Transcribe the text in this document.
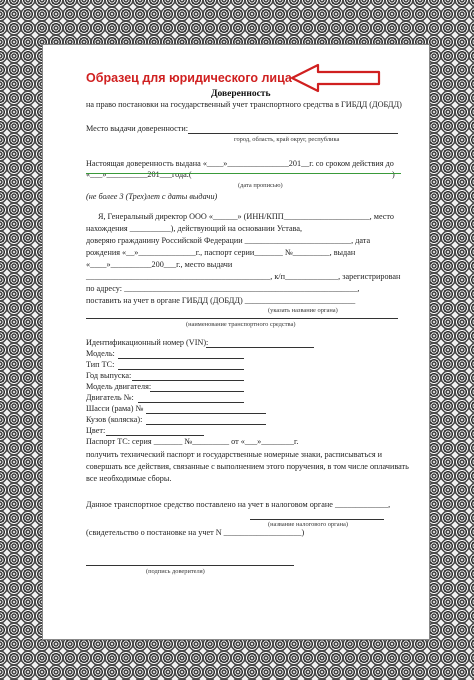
Образец для юридического лица
Доверенность
на право постановки на государственный учет транспортного средства в ГИБДД (ДОБДД)
Место выдачи доверенности:
город, область, край округ, республика
Настоящая доверенность выдана «____»_______________201__г. со сроком действия до
«___»__________201___года.(	)
(дата прописью)
(не более 3 (Трех)лет с даты выдачи)
Я, Генеральный директор ООО «______» (ИНН/КПП_____________________, место
нахождения __________), действующий на основании Устава,
доверяю гражданину Российской Федерации __________________________, дата
рождения «__»______________г., паспорт серии_______ №_________, выдан
«____»__________200___г., место выдачи
_____________________________________________, к/п_____________, зарегистрирован
по адресу: _________________________________________________________,
поставить на учет в органе ГИБДД (ДОБДД) ___________________________
(указать название органа)
(наименование транспортного средства)
Идентификационный номер (VIN):
Модель:
Тип ТС:
Год выпуска:
Модель двигателя:
Двигатель №:
Шасси (рама) №
Кузов (коляска):
Цвет:
Паспорт ТС: серия _______ №_________ от «___»________г.
получить технический паспорт и государственные номерные знаки, расписываться и
совершать все действия, связанные с выполнением этого поручения, в том числе оплачивать
все необходимые сборы.
Данное транспортное средство поставлено на учет в налоговом органе _____________,
(название налогового органа)
(свидетельство о постановке на учет N ___________________)
(подпись доверителя)
